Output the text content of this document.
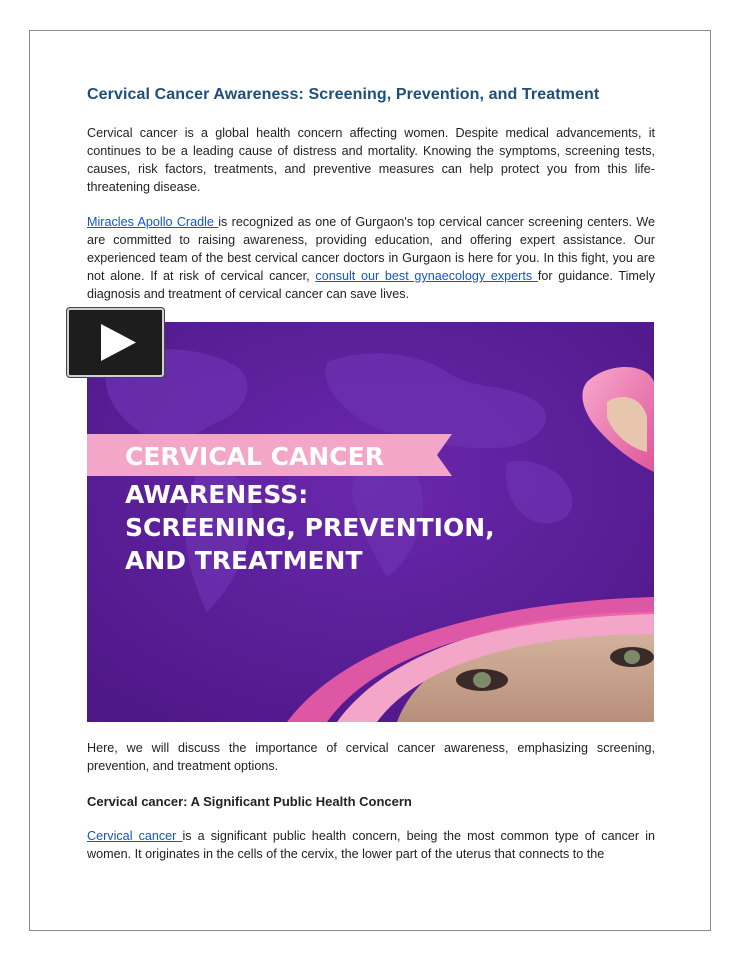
Cervical Cancer Awareness: Screening, Prevention, and Treatment

Cervical cancer is a global health concern affecting women. Despite medical advancements, it continues to be a leading cause of distress and mortality. Knowing the symptoms, screening tests, causes, risk factors, treatments, and preventive measures can help protect you from this life-threatening disease.

Miracles Apollo Cradle is recognized as one of Gurgaon's top cervical cancer screening centers. We are committed to raising awareness, providing education, and offering expert assistance. Our experienced team of the best cervical cancer doctors in Gurgaon is here for you. In this fight, you are not alone. If at risk of cervical cancer, consult our best gynaecology experts for guidance. Timely diagnosis and treatment of cervical cancer can save lives.

CERVICAL CANCER
AWARENESS:
SCREENING, PREVENTION,
AND TREATMENT

Here, we will discuss the importance of cervical cancer awareness, emphasizing screening, prevention, and treatment options.

Cervical cancer: A Significant Public Health Concern

Cervical cancer is a significant public health concern, being the most common type of cancer in women. It originates in the cells of the cervix, the lower part of the uterus that connects to the
